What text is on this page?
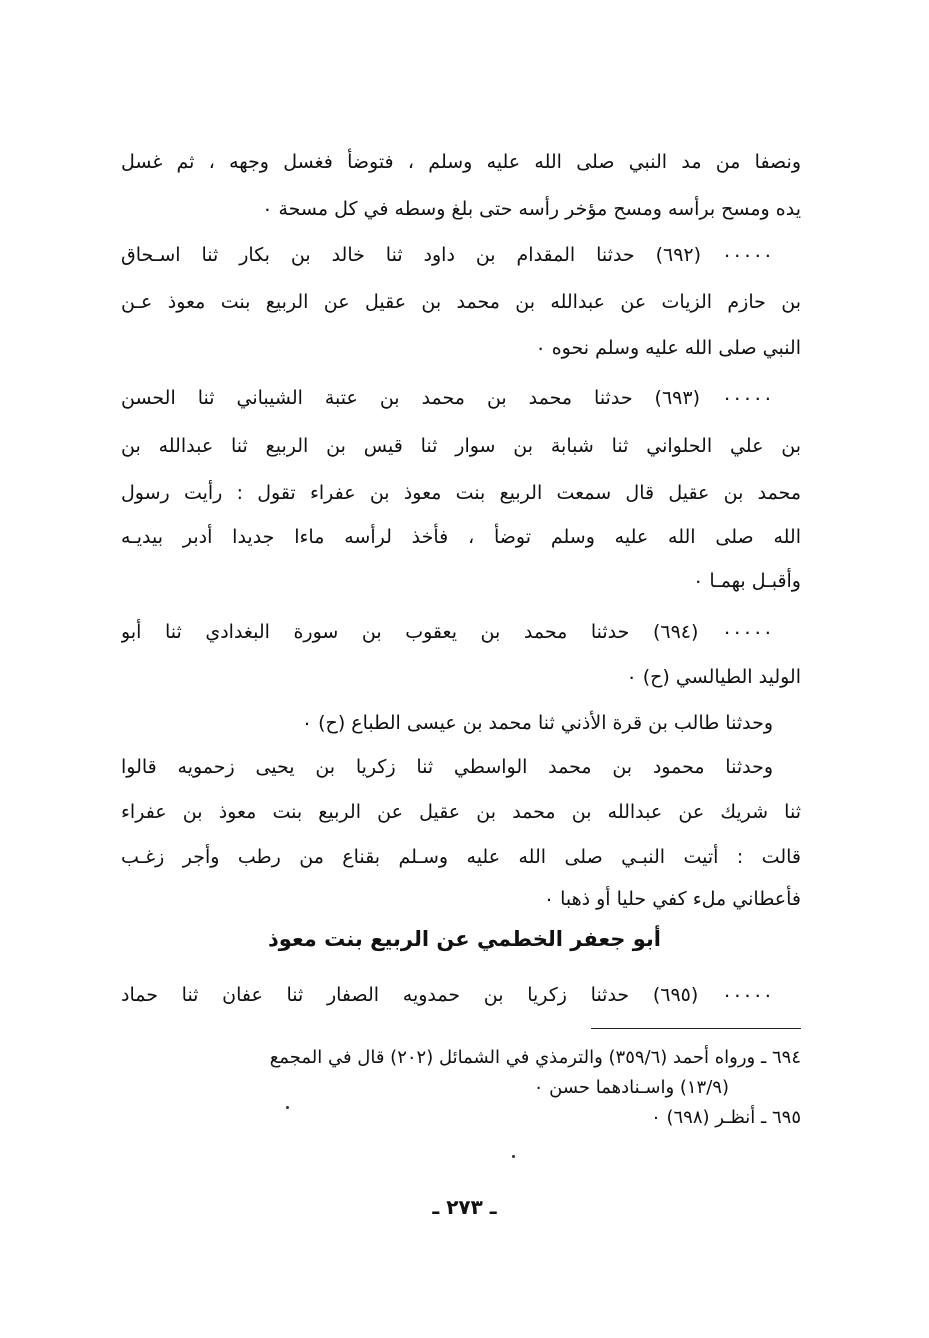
ونصفا من مد النبي صلى الله عليه وسلم ، فتوضأ فغسل وجهه ، ثم غسل
يده ومسح برأسه ومسح مؤخر رأسه حتى بلغ وسطه في كل مسحة ٠
٠٠٠٠٠ (٦٩٢) حدثنا المقدام بن داود ثنا خالد بن بكار ثنا اسـحاق
بن حازم الزيات عن عبدالله بن محمد بن عقيل عن الربيع بنت معوذ عـن
النبي صلى الله عليه وسلم نحوه ٠
٠٠٠٠٠ (٦٩٣) حدثنا محمد بن محمد بن عتبة الشيباني ثنا الحسن
بن علي الحلواني ثنا شبابة بن سوار ثنا قيس بن الربيع ثنا عبدالله بن
محمد بن عقيل قال سمعت الربيع بنت معوذ بن عفراء تقول : رأيت رسول
الله صلى الله عليه وسلم توضأ ، فأخذ لرأسه ماءا جديدا أدبر بيديـه
وأقبـل بهمـا ٠
٠٠٠٠٠ (٦٩٤) حدثنا محمد بن يعقوب بن سورة البغدادي ثنا أبو
الوليد الطيالسي (ح) ٠
وحدثنا طالب بن قرة الأذني ثنا محمد بن عيسى الطباع (ح) ٠
وحدثنا محمود بن محمد الواسطي ثنا زكريا بن يحيى زحمويه قالوا
ثنا شريك عن عبدالله بن محمد بن عقيل عن الربيع بنت معوذ بن عفراء
قالت : أتيت النبـي صلى الله عليه وسـلم بقناع من رطب وأجر زغـب
فأعطاني ملء كفي حليا أو ذهبا ٠
أبو جعفر الخطمي عن الربيع بنت معوذ
٠٠٠٠٠ (٦٩٥) حدثنا زكريا بن حمدويه الصفار ثنا عفان ثنا حماد
٦٩٤ ـ ورواه أحمد (٣٥٩/٦) والترمذي في الشمائل (٢٠٢) قال في المجمع
(١٣/٩) واسـنادهما حسن ٠
٦٩٥ ـ أنظـر (٦٩٨) ٠
ـ ٢٧٣ ـ
